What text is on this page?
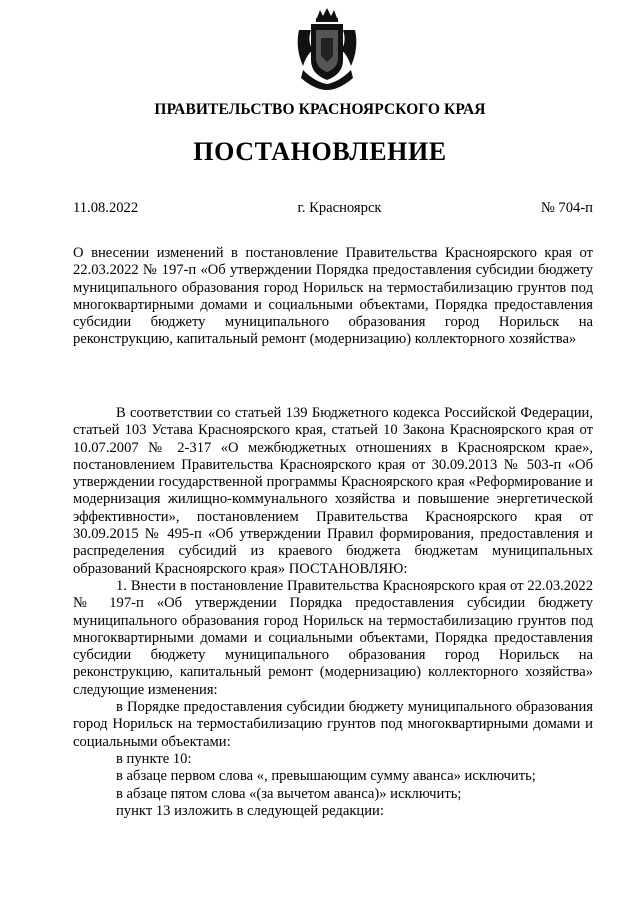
ПРАВИТЕЛЬСТВО КРАСНОЯРСКОГО КРАЯ
ПОСТАНОВЛЕНИЕ
11.08.2022	г. Красноярск	№ 704-п
О внесении изменений в постановление Правительства Красноярского края от 22.03.2022 № 197-п «Об утверждении Порядка предоставления субсидии бюджету муниципального образования город Норильск на термостабилизацию грунтов под многоквартирными домами и социальными объектами, Порядка предоставления субсидии бюджету муниципального образования город Норильск на реконструкцию, капитальный ремонт (модернизацию) коллекторного хозяйства»

В соответствии со статьей 139 Бюджетного кодекса Российской Федерации, статьей 103 Устава Красноярского края, статьей 10 Закона Красноярского края от 10.07.2007 № 2-317 «О межбюджетных отношениях в Красноярском крае», постановлением Правительства Красноярского края от 30.09.2013 № 503-п «Об утверждении государственной программы Красноярского края «Реформирование и модернизация жилищно-коммунального хозяйства и повышение энергетической эффективности», постановлением Правительства Красноярского края от 30.09.2015 № 495-п «Об утверждении Правил формирования, предоставления и распределения субсидий из краевого бюджета бюджетам муниципальных образований Красноярского края» ПОСТАНОВЛЯЮ:

1. Внести в постановление Правительства Красноярского края от 22.03.2022 № 197-п «Об утверждении Порядка предоставления субсидии бюджету муниципального образования город Норильск на термостабилизацию грунтов под многоквартирными домами и социальными объектами, Порядка предоставления субсидии бюджету муниципального образования город Норильск на реконструкцию, капитальный ремонт (модернизацию) коллекторного хозяйства» следующие изменения:

в Порядке предоставления субсидии бюджету муниципального образования город Норильск на термостабилизацию грунтов под многоквартирными домами и социальными объектами:

в пункте 10:

в абзаце первом слова «, превышающим сумму аванса» исключить;

в абзаце пятом слова «(за вычетом аванса)» исключить;

пункт 13 изложить в следующей редакции:
